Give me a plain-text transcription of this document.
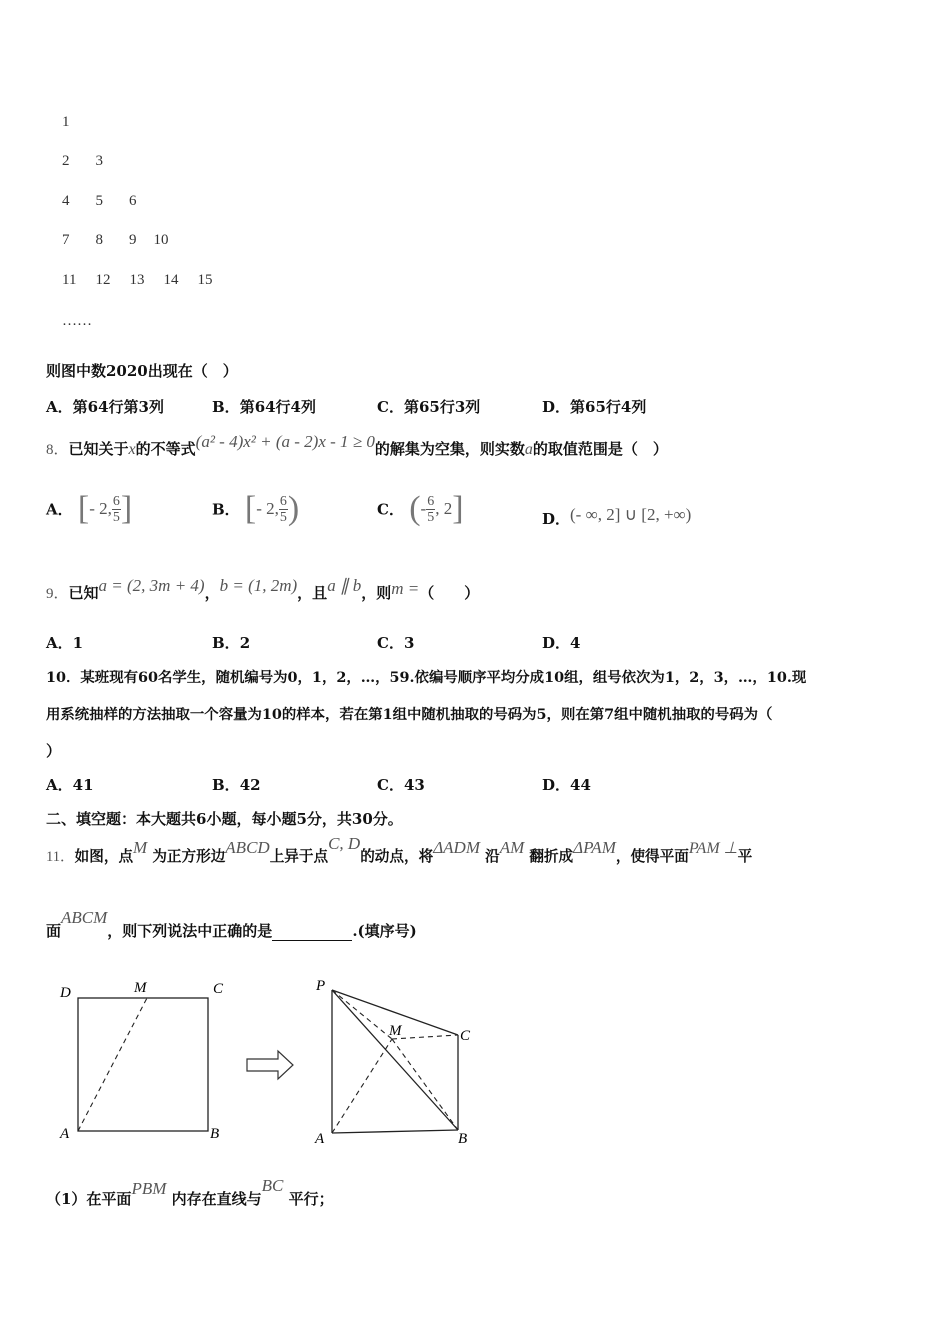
1
2 3
4 5 6
7 8 9 10
11 12 13 14 15
……
则图中数2020出现在（　）
A．第64行第3列	B．第64行4列	C．第65行3列	D．第65行4列
8．已知关于x的不等式(a² - 4)x² + (a - 2)x - 1 ≥ 0的解集为空集，则实数a的取值范围是（　）
A． [- 2, $\frac{6}{5}$ ]	B． [- 2, $\frac{6}{5}$ )	C． (- $\frac{6}{5}$ , 2]	D．(- ∞, 2] ∪ [2, +∞)
9．已知a = (2, 3m + 4)，b = (1, 2m)，且a ∥ b，则m =（　　）
A．1	B．2	C．3	D．4
10．某班现有60名学生，随机编号为0，1，2，…，59.依编号顺序平均分成10组，组号依次为1，2，3，…，10.现
用系统抽样的方法抽取一个容量为10的样本，若在第1组中随机抽取的号码为5，则在第7组中随机抽取的号码为（
）
A．41	B．42	C．43	D．44
二、填空题：本大题共6小题，每小题5分，共30分。
11．如图，点M 为正方形边ABCD上异于点C, D的动点，将ΔADM 沿AM 翻折成ΔPAM，使得平面PAM ⊥平
面ABCM，则下列说法中正确的是	.(填序号)
D	M	C
A	B
P
M	C
A	B
（1）在平面PBM 内存在直线与BC 平行；
